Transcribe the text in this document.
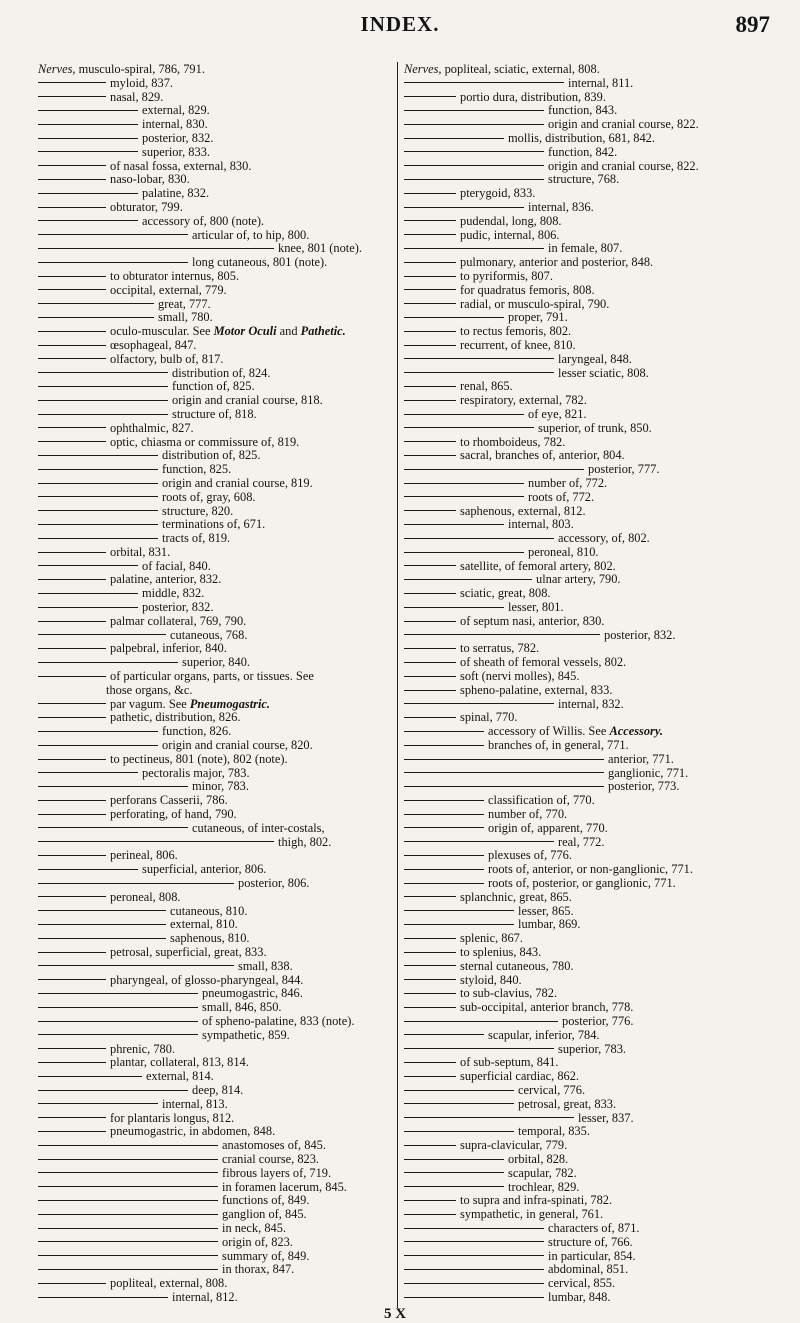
INDEX.	897
Nerves, musculo-spiral, 786, 791.
myloid, 837.
nasal, 829.
external, 829.
internal, 830.
posterior, 832.
superior, 833.
of nasal fossa, external, 830.
naso-lobar, 830.
palatine, 832.
obturator, 799.
accessory of, 800 (note).
articular of, to hip, 800.
knee, 801 (note).
long cutaneous, 801 (note).
to obturator internus, 805.
occipital, external, 779.
great, 777.
small, 780.
oculo-muscular. See Motor Oculi and Pathetic.
œsophageal, 847.
olfactory, bulb of, 817.
distribution of, 824.
function of, 825.
origin and cranial course, 818.
structure of, 818.
ophthalmic, 827.
optic, chiasma or commissure of, 819.
distribution of, 825.
function, 825.
origin and cranial course, 819.
roots of, gray, 608.
structure, 820.
terminations of, 671.
tracts of, 819.
orbital, 831.
of facial, 840.
palatine, anterior, 832.
middle, 832.
posterior, 832.
palmar collateral, 769, 790.
cutaneous, 768.
palpebral, inferior, 840.
superior, 840.
of particular organs, parts, or tissues. See
those organs, &c.
par vagum. See Pneumogastric.
pathetic, distribution, 826.
function, 826.
origin and cranial course, 820.
to pectineus, 801 (note), 802 (note).
pectoralis major, 783.
minor, 783.
perforans Casserii, 786.
perforating, of hand, 790.
cutaneous, of inter-costals,
thigh, 802.
perineal, 806.
superficial, anterior, 806.
posterior, 806.
peroneal, 808.
cutaneous, 810.
external, 810.
saphenous, 810.
petrosal, superficial, great, 833.
small, 838.
pharyngeal, of glosso-pharyngeal, 844.
pneumogastric, 846.
small, 846, 850.
of spheno-palatine, 833 (note).
sympathetic, 859.
phrenic, 780.
plantar, collateral, 813, 814.
external, 814.
deep, 814.
internal, 813.
for plantaris longus, 812.
pneumogastric, in abdomen, 848.
anastomoses of, 845.
cranial course, 823.
fibrous layers of, 719.
in foramen lacerum, 845.
functions of, 849.
ganglion of, 845.
in neck, 845.
origin of, 823.
summary of, 849.
in thorax, 847.
popliteal, external, 808.
internal, 812.
Nerves, popliteal, sciatic, external, 808.
internal, 811.
portio dura, distribution, 839.
function, 843.
origin and cranial course, 822.
mollis, distribution, 681, 842.
function, 842.
origin and cranial course, 822.
structure, 768.
pterygoid, 833.
internal, 836.
pudendal, long, 808.
pudic, internal, 806.
in female, 807.
pulmonary, anterior and posterior, 848.
to pyriformis, 807.
for quadratus femoris, 808.
radial, or musculo-spiral, 790.
proper, 791.
to rectus femoris, 802.
recurrent, of knee, 810.
laryngeal, 848.
lesser sciatic, 808.
renal, 865.
respiratory, external, 782.
of eye, 821.
superior, of trunk, 850.
to rhomboideus, 782.
sacral, branches of, anterior, 804.
posterior, 777.
number of, 772.
roots of, 772.
saphenous, external, 812.
internal, 803.
accessory, of, 802.
peroneal, 810.
satellite, of femoral artery, 802.
ulnar artery, 790.
sciatic, great, 808.
lesser, 801.
of septum nasi, anterior, 830.
posterior, 832.
to serratus, 782.
of sheath of femoral vessels, 802.
soft (nervi molles), 845.
spheno-palatine, external, 833.
internal, 832.
spinal, 770.
accessory of Willis. See Accessory.
branches of, in general, 771.
anterior, 771.
ganglionic, 771.
posterior, 773.
classification of, 770.
number of, 770.
origin of, apparent, 770.
real, 772.
plexuses of, 776.
roots of, anterior, or non-ganglionic, 771.
roots of, posterior, or ganglionic, 771.
splanchnic, great, 865.
lesser, 865.
lumbar, 869.
splenic, 867.
to splenius, 843.
sternal cutaneous, 780.
styloid, 840.
to sub-clavius, 782.
sub-occipital, anterior branch, 778.
posterior, 776.
scapular, inferior, 784.
superior, 783.
of sub-septum, 841.
superficial cardiac, 862.
cervical, 776.
petrosal, great, 833.
lesser, 837.
temporal, 835.
supra-clavicular, 779.
orbital, 828.
scapular, 782.
trochlear, 829.
to supra and infra-spinati, 782.
sympathetic, in general, 761.
characters of, 871.
structure of, 766.
in particular, 854.
abdominal, 851.
cervical, 855.
lumbar, 848.
5 X
